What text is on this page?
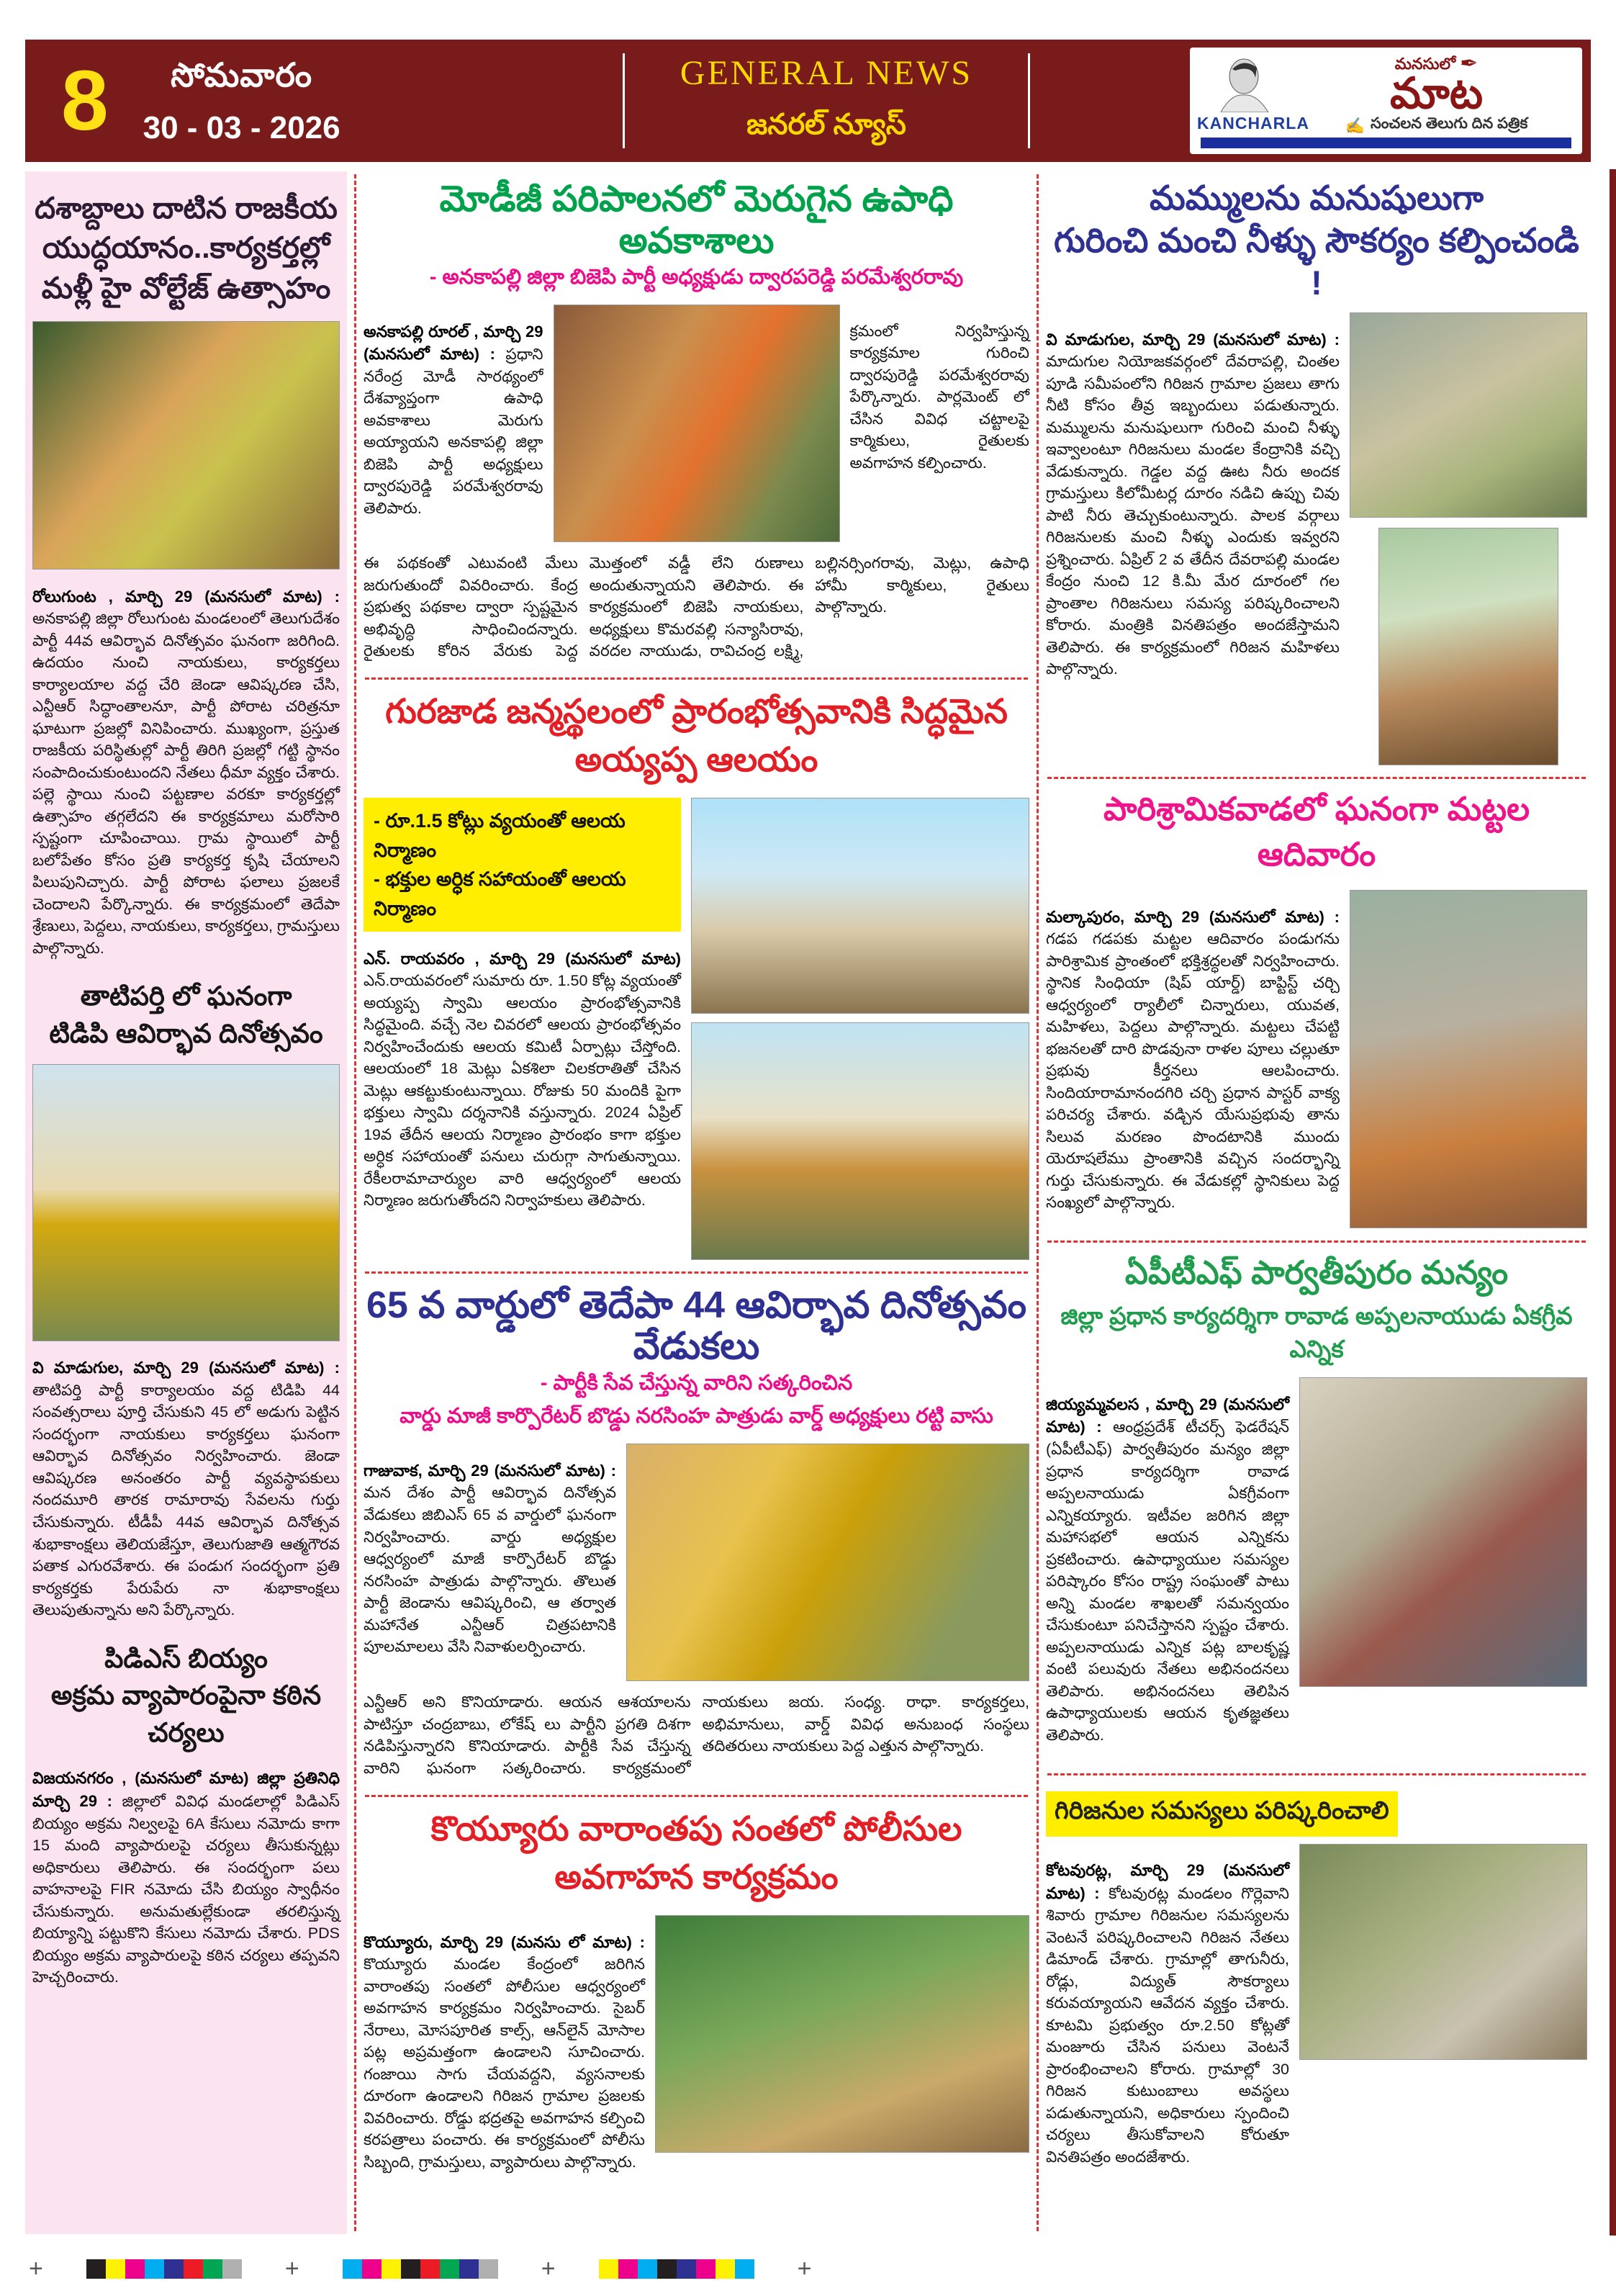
8	సోమవారం
30 - 03 - 2026
GENERAL NEWS
జనరల్ న్యూస్	KANCHARLA
మనసులో ✒
మాట
✍ సంచలన తెలుగు దిన పత్రిక
దశాబ్దాలు దాటిన రాజకీయ యుద్ధయానం..కార్యకర్తల్లో మళ్లీ హై వోల్టేజ్ ఉత్సాహం

రోలుగుంట , మార్చి 29 (మనసులో మాట) : అనకాపల్లి జిల్లా రోలుగుంట మండలంలో తెలుగుదేశం పార్టీ 44వ ఆవిర్భావ దినోత్సవం ఘనంగా జరిగింది. ఉదయం నుంచి నాయకులు, కార్యకర్తలు కార్యాలయాల వద్ద చేరి జెండా ఆవిష్కరణ చేసి, ఎన్టీఆర్ సిద్ధాంతాలనూ, పార్టీ పోరాట చరిత్రనూ ఘాటుగా ప్రజల్లో వినిపించారు. ముఖ్యంగా, ప్రస్తుత రాజకీయ పరిస్థితుల్లో పార్టీ తిరిగి ప్రజల్లో గట్టి స్థానం సంపాదించుకుంటుందని నేతలు ధీమా వ్యక్తం చేశారు. పల్లె స్థాయి నుంచి పట్టణాల వరకూ కార్యకర్తల్లో ఉత్సాహం తగ్గలేదని ఈ కార్యక్రమాలు మరోసారి స్పష్టంగా చూపించాయి. గ్రామ స్థాయిలో పార్టీ బలోపేతం కోసం ప్రతి కార్యకర్త కృషి చేయాలని పిలుపునిచ్చారు. పార్టీ పోరాట ఫలాలు ప్రజలకే చెందాలని పేర్కొన్నారు. ఈ కార్యక్రమంలో తెదేపా శ్రేణులు, పెద్దలు, నాయకులు, కార్యకర్తలు, గ్రామస్తులు పాల్గొన్నారు.

తాటిపర్తి లో ఘనంగా
టిడిపి ఆవిర్భావ దినోత్సవం

వి మాడుగుల, మార్చి 29 (మనసులో మాట) : తాటిపర్తి పార్టీ కార్యాలయం వద్ద టిడిపి 44 సంవత్సరాలు పూర్తి చేసుకుని 45 లో అడుగు పెట్టిన సందర్భంగా నాయకులు కార్యకర్తలు ఘనంగా ఆవిర్భావ దినోత్సవం నిర్వహించారు. జెండా ఆవిష్కరణ అనంతరం పార్టీ వ్యవస్థాపకులు నందమూరి తారక రామారావు సేవలను గుర్తు చేసుకున్నారు. టీడీపీ 44వ ఆవిర్భావ దినోత్సవ శుభాకాంక్షలు తెలియజేస్తూ, తెలుగుజాతి ఆత్మగౌరవ పతాక ఎగురవేశారు. ఈ పండుగ సందర్భంగా ప్రతి కార్యకర్తకు పేరుపేరు నా శుభాకాంక్షలు తెలుపుతున్నాను అని పేర్కొన్నారు.

పిడిఎస్ బియ్యం
అక్రమ వ్యాపారంపైనా కఠిన చర్యలు

విజయనగరం , (మనసులో మాట) జిల్లా ప్రతినిధి మార్చి 29 : జిల్లాలో వివిధ మండలాల్లో పిడిఎస్ బియ్యం అక్రమ నిల్వలపై 6A కేసులు నమోదు కాగా 15 మంది వ్యాపారులపై చర్యలు తీసుకున్నట్లు అధికారులు తెలిపారు. ఈ సందర్భంగా పలు వాహనాలపై FIR నమోదు చేసి బియ్యం స్వాధీనం చేసుకున్నారు. అనుమతుల్లేకుండా తరలిస్తున్న బియ్యాన్ని పట్టుకొని కేసులు నమోదు చేశారు. PDS బియ్యం అక్రమ వ్యాపారులపై కఠిన చర్యలు తప్పవని హెచ్చరించారు.

మోడీజీ పరిపాలనలో మెరుగైన ఉపాధి అవకాశాలు
- అనకాపల్లి జిల్లా బిజెపి పార్టీ అధ్యక్షుడు ద్వారపరెడ్డి పరమేశ్వరరావు

అనకాపల్లి రూరల్ , మార్చి 29 (మనసులో మాట) : ప్రధాని నరేంద్ర మోడీ సారథ్యంలో దేశవ్యాప్తంగా ఉపాధి అవకాశాలు మెరుగు అయ్యాయని అనకాపల్లి జిల్లా బిజెపి పార్టీ అధ్యక్షులు ద్వారపురెడ్డి పరమేశ్వరరావు తెలిపారు.

క్రమంలో నిర్వహిస్తున్న కార్యక్రమాల గురించి ద్వారపురెడ్డి పరమేశ్వరరావు పేర్కొన్నారు. పార్లమెంట్ లో చేసిన వివిధ చట్టాలపై కార్మికులు, రైతులకు అవగాహన కల్పించారు.

ఈ పథకంతో ఎటువంటి మేలు జరుగుతుందో వివరించారు. కేంద్ర ప్రభుత్వ పథకాల ద్వారా స్పష్టమైన అభివృద్ధి సాధించిందన్నారు. రైతులకు కోరిన వేరుకు పెద్ద మొత్తంలో వడ్డీ లేని రుణాలు అందుతున్నాయని తెలిపారు. ఈ కార్యక్రమంలో బిజెపి నాయకులు, అధ్యక్షులు కొమరవల్లి సన్యాసిరావు, వరదల నాయుడు, రావిచంద్ర లక్ష్మి, బల్లినర్సింగరావు, మెట్లు, ఉపాధి హామీ కార్మికులు, రైతులు పాల్గొన్నారు.

గురజాడ జన్మస్థలంలో ప్రారంభోత్సవానికి సిద్ధమైన అయ్యప్ప ఆలయం
- రూ.1.5 కోట్లు వ్యయంతో ఆలయ నిర్మాణం
- భక్తుల అర్ధిక సహాయంతో ఆలయ నిర్మాణం

ఎన్. రాయవరం , మార్చి 29 (మనసులో మాట) ఎన్.రాయవరంలో సుమారు రూ. 1.50 కోట్ల వ్యయంతో అయ్యప్ప స్వామి ఆలయం ప్రారంభోత్సవానికి సిద్ధమైంది. వచ్చే నెల చివరలో ఆలయ ప్రారంభోత్సవం నిర్వహించేందుకు ఆలయ కమిటీ ఏర్పాట్లు చేస్తోంది. ఆలయంలో 18 మెట్లు ఏకశిలా చిలకరాతితో చేసిన మెట్లు ఆకట్టుకుంటున్నాయి. రోజుకు 50 మందికి పైగా భక్తులు స్వామి దర్శనానికి వస్తున్నారు. 2024 ఏప్రిల్ 19వ తేదీన ఆలయ నిర్మాణం ప్రారంభం కాగా భక్తుల అర్ధిక సహాయంతో పనులు చురుగ్గా సాగుతున్నాయి. రేకీలరామాచార్యుల వారి ఆధ్వర్యంలో ఆలయ నిర్మాణం జరుగుతోందని నిర్వాహకులు తెలిపారు.

65 వ వార్డులో తెదేపా 44 ఆవిర్భావ దినోత్సవం వేడుకలు
- పార్టీకి సేవ చేస్తున్న వారిని సత్కరించిన
వార్డు మాజీ కార్పొరేటర్ బొడ్డు నరసింహ పాత్రుడు వార్డ్ అధ్యక్షులు రట్టి వాసు

గాజువాక, మార్చి 29 (మనసులో మాట) : మన దేశం పార్టీ ఆవిర్భావ దినోత్సవ వేడుకలు జిబిఎస్ 65 వ వార్డులో ఘనంగా నిర్వహించారు. వార్డు అధ్యక్షుల ఆధ్వర్యంలో మాజీ కార్పొరేటర్ బొడ్డు నరసింహ పాత్రుడు పాల్గొన్నారు. తొలుత పార్టీ జెండాను ఆవిష్కరించి, ఆ తర్వాత మహానేత ఎన్టీఆర్ చిత్రపటానికి పూలమాలలు వేసి నివాళులర్పించారు.

ఎన్టీఆర్ అని కొనియాడారు. ఆయన ఆశయాలను పాటిస్తూ చంద్రబాబు, లోకేష్ లు పార్టీని ప్రగతి దిశగా నడిపిస్తున్నారని కొనియాడారు. పార్టీకి సేవ చేస్తున్న వారిని ఘనంగా సత్కరించారు. కార్యక్రమంలో నాయకులు జయ. సంధ్య. రాధా. కార్యకర్తలు, అభిమానులు, వార్డ్ వివిధ అనుబంధ సంస్థలు తదితరులు నాయకులు పెద్ద ఎత్తున పాల్గొన్నారు.

కొయ్యూరు వారాంతపు సంతలో పోలీసుల అవగాహన కార్యక్రమం

కొయ్యూరు, మార్చి 29 (మనసు లో మాట) : కొయ్యూరు మండల కేంద్రంలో జరిగిన వారాంతపు సంతలో పోలీసుల ఆధ్వర్యంలో అవగాహన కార్యక్రమం నిర్వహించారు. సైబర్ నేరాలు, మోసపూరిత కాల్స్, ఆన్‌లైన్ మోసాల పట్ల అప్రమత్తంగా ఉండాలని సూచించారు. గంజాయి సాగు చేయవద్దని, వ్యసనాలకు దూరంగా ఉండాలని గిరిజన గ్రామాల ప్రజలకు వివరించారు. రోడ్డు భద్రతపై అవగాహన కల్పించి కరపత్రాలు పంచారు. ఈ కార్యక్రమంలో పోలీసు సిబ్బంది, గ్రామస్తులు, వ్యాపారులు పాల్గొన్నారు.

మమ్ములను మనుషులుగా
గురించి మంచి నీళ్ళు సౌకర్యం కల్పించండి !

వి మాడుగుల, మార్చి 29 (మనసులో మాట) : మాదుగుల నియోజకవర్గంలో దేవరాపల్లి, చింతల పూడి సమీపంలోని గిరిజన గ్రామాల ప్రజలు తాగు నీటి కోసం తీవ్ర ఇబ్బందులు పడుతున్నారు. మమ్ములను మనుషులుగా గురించి మంచి నీళ్ళు ఇవ్వాలంటూ గిరిజనులు మండల కేంద్రానికి వచ్చి వేడుకున్నారు. గెడ్డల వద్ద ఊట నీరు అందక గ్రామస్తులు కిలోమీటర్ల దూరం నడిచి ఉప్పు చివు పాటి నీరు తెచ్చుకుంటున్నారు. పాలక వర్గాలు గిరిజనులకు మంచి నీళ్ళు ఎందుకు ఇవ్వరని ప్రశ్నించారు. ఏప్రిల్ 2 వ తేదీన దేవరాపల్లి మండల కేంద్రం నుంచి 12 కి.మీ మేర దూరంలో గల ప్రాంతాల గిరిజనులు సమస్య పరిష్కరించాలని కోరారు. మంత్రికి వినతిపత్రం అందజేస్తామని తెలిపారు. ఈ కార్యక్రమంలో గిరిజన మహిళలు పాల్గొన్నారు.

పారిశ్రామికవాడలో ఘనంగా మట్టల ఆదివారం

మల్కాపురం, మార్చి 29 (మనసులో మాట) : గడప గడపకు మట్టల ఆదివారం పండుగను పారిశ్రామిక ప్రాంతంలో భక్తిశ్రద్ధలతో నిర్వహించారు. స్థానిక సింధియా (షిప్ యార్డ్) బాప్టిస్ట్ చర్చి ఆధ్వర్యంలో ర్యాలీలో చిన్నారులు, యువత, మహిళలు, పెద్దలు పాల్గొన్నారు. మట్టలు చేపట్టి భజనలతో దారి పొడవునా రాళల పూలు చల్లుతూ ప్రభువు కీర్తనలు ఆలపించారు. సిందియారామానందగిరి చర్చి ప్రధాన పాస్టర్ వాక్య పరిచర్య చేశారు. వడ్చిన యేసుప్రభువు తాను సిలువ మరణం పొందటానికి ముందు యెరూషలేము ప్రాంతానికి వచ్చిన సందర్భాన్ని గుర్తు చేసుకున్నారు. ఈ వేడుకల్లో స్థానికులు పెద్ద సంఖ్యలో పాల్గొన్నారు.

ఏపీటీఎఫ్ పార్వతీపురం మన్యం
జిల్లా ప్రధాన కార్యదర్శిగా రావాడ అప్పలనాయుడు ఏకగ్రీవ ఎన్నిక

జియ్యమ్మవలస , మార్చి 29 (మనసులో మాట) : ఆంధ్రప్రదేశ్ టీచర్స్ ఫెడరేషన్ (ఏపీటీఎఫ్) పార్వతీపురం మన్యం జిల్లా ప్రధాన కార్యదర్శిగా రావాడ అప్పలనాయుడు ఏకగ్రీవంగా ఎన్నికయ్యారు. ఇటీవల జరిగిన జిల్లా మహాసభలో ఆయన ఎన్నికను ప్రకటించారు. ఉపాధ్యాయుల సమస్యల పరిష్కారం కోసం రాష్ట్ర సంఘంతో పాటు అన్ని మండల శాఖలతో సమన్వయం చేసుకుంటూ పనిచేస్తానని స్పష్టం చేశారు. అప్పలనాయుడు ఎన్నిక పట్ల బాలకృష్ణ వంటి పలువురు నేతలు అభినందనలు తెలిపారు. అభినందనలు తెలిపిన ఉపాధ్యాయులకు ఆయన కృతజ్ఞతలు తెలిపారు.

గిరిజనుల సమస్యలు పరిష్కరించాలి

కోటవురట్ల, మార్చి 29 (మనసులో మాట) : కోటవురట్ల మండలం గొర్లెవాని శివారు గ్రామాల గిరిజనుల సమస్యలను వెంటనే పరిష్కరించాలని గిరిజన నేతలు డిమాండ్ చేశారు. గ్రామాల్లో తాగునీరు, రోడ్లు, విద్యుత్ సౌకర్యాలు కరువయ్యాయని ఆవేదన వ్యక్తం చేశారు. కూటమి ప్రభుత్వం రూ.2.50 కోట్లతో మంజూరు చేసిన పనులు వెంటనే ప్రారంభించాలని కోరారు. గ్రామాల్లో 30 గిరిజన కుటుంబాలు అవస్థలు పడుతున్నాయని, అధికారులు స్పందించి చర్యలు తీసుకోవాలని కోరుతూ వినతిపత్రం అందజేశారు.

+	+	+	+
